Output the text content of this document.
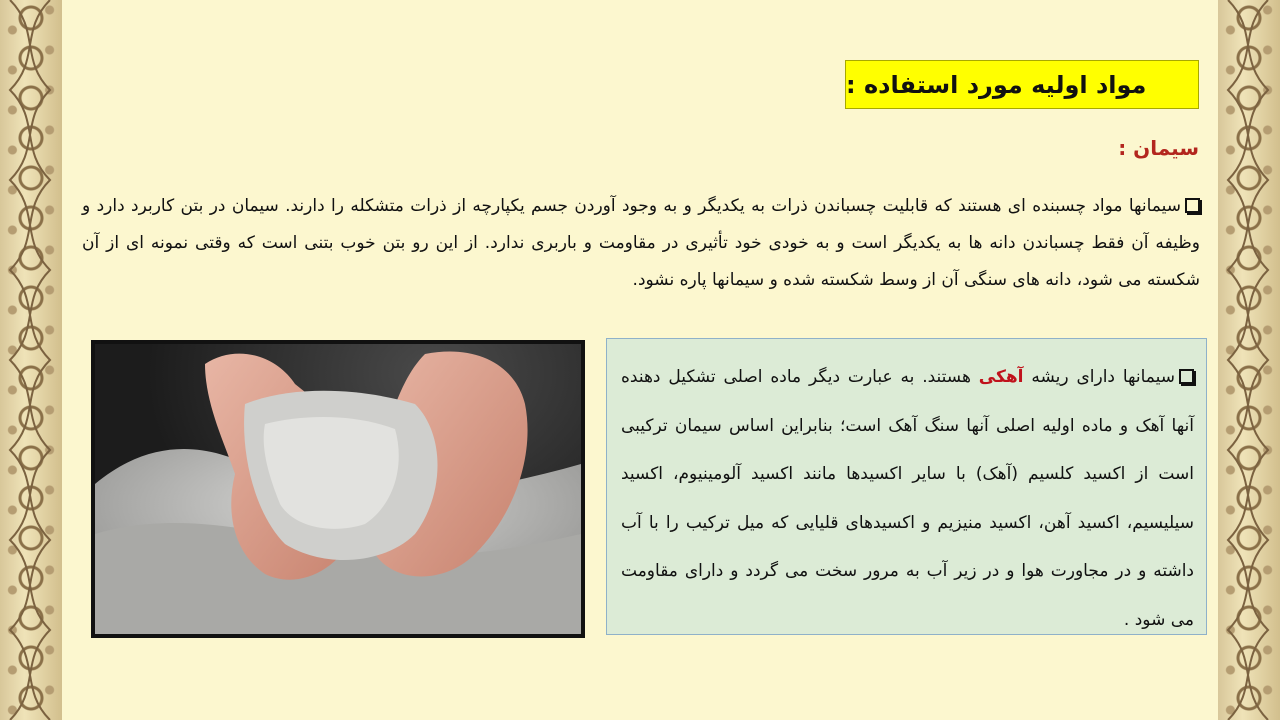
مواد اولیه مورد استفاده :
سیمان :
سیمانها مواد چسبنده ای هستند که قابلیت چسباندن ذرات به یکدیگر و به وجود آوردن جسم یکپارچه از ذرات متشکله را دارند. سیمان در بتن کاربرد دارد و وظیفه آن فقط چسباندن دانه ها به یکدیگر است و به خودی خود تأثیری در مقاومت و باربری ندارد. از این رو بتن خوب بتنی است که وقتی نمونه ای از آن شکسته می شود، دانه های سنگی آن از وسط شکسته شده و سیمانها پاره نشود.
سیمانها دارای ریشه آهکی هستند. به عبارت دیگر ماده اصلی تشکیل دهنده آنها آهک و ماده اولیه اصلی آنها سنگ آهک است؛ بنابراین اساس سیمان ترکیبی است از اکسید کلسیم (آهک) با سایر اکسیدها مانند اکسید آلومینیوم، اکسید سیلیسیم، اکسید آهن، اکسید منیزیم و اکسیدهای قلیایی که میل ترکیب را با آب داشته و در مجاورت هوا و در زیر آب به مرور سخت می گردد و دارای مقاومت می شود .
